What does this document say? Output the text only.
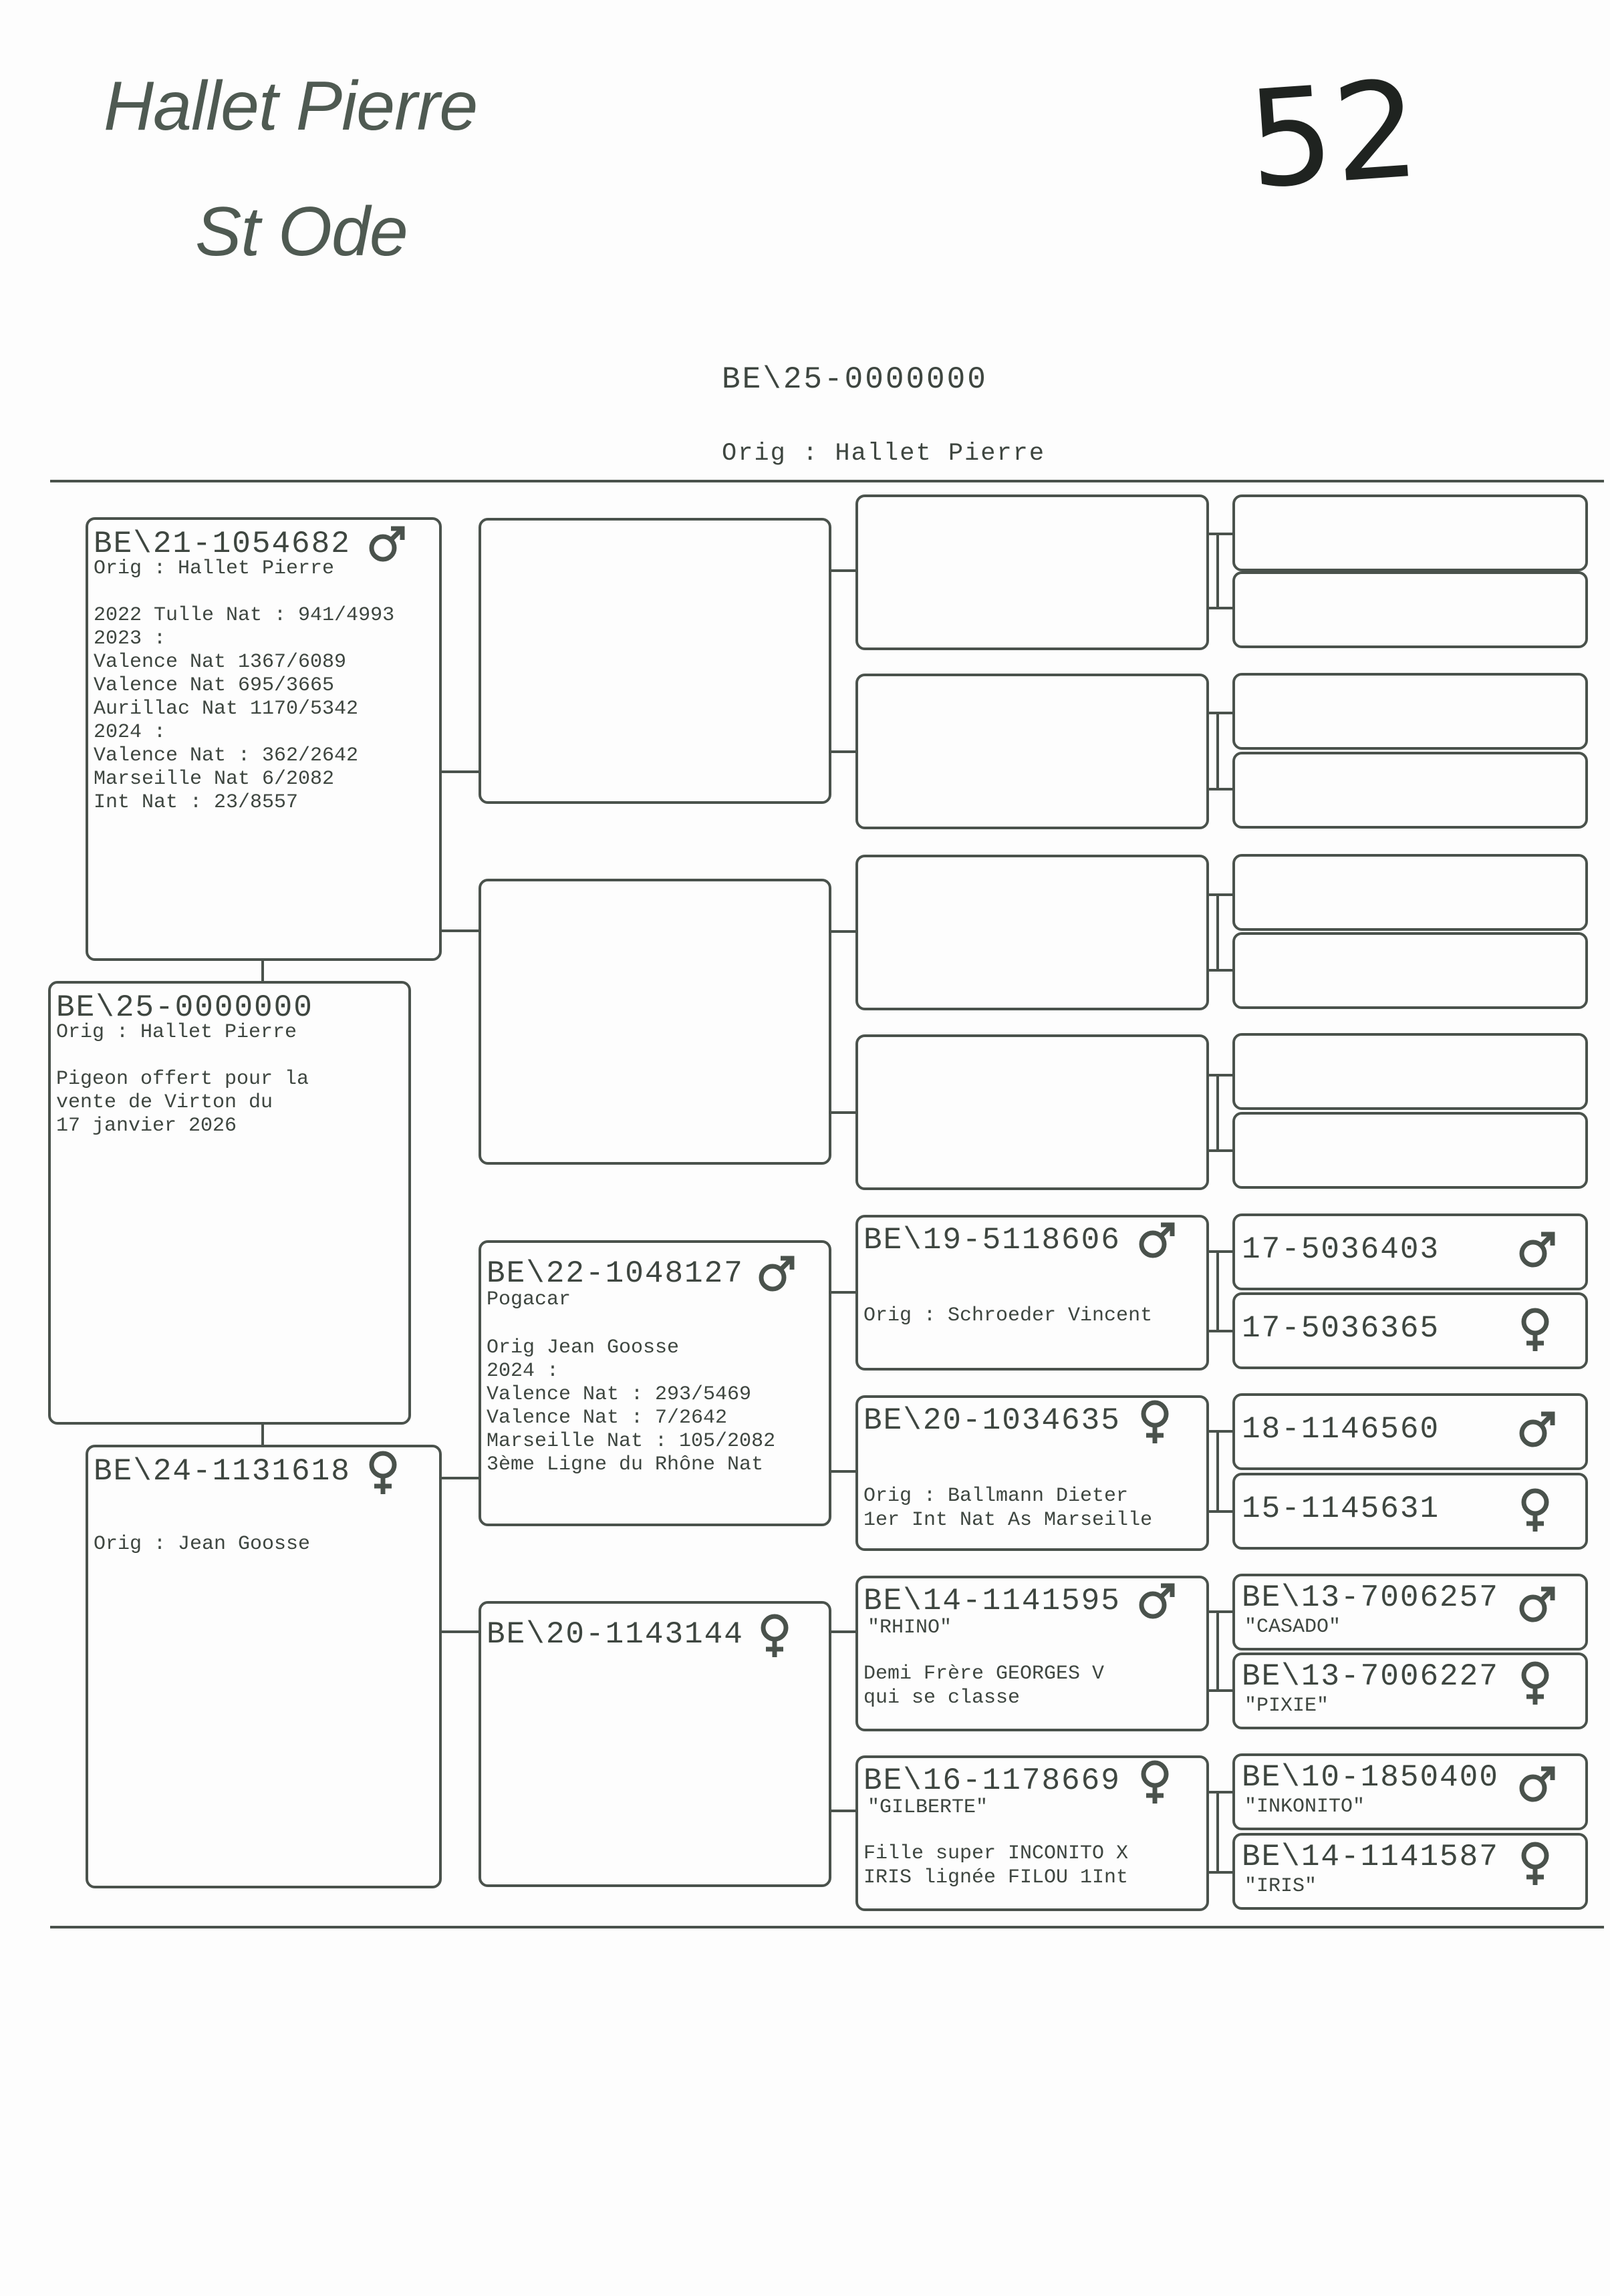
Hallet Pierre
St Ode
52
BE\25-0000000
Orig : Hallet Pierre
BE\25-0000000
Orig : Hallet Pierre
Pigeon offert pour la
vente de Virton du
17 janvier 2026
BE\21-1054682
Orig : Hallet Pierre
2022 Tulle Nat : 941/4993
2023 :
Valence Nat 1367/6089
Valence Nat 695/3665
Aurillac Nat 1170/5342
2024 :
Valence Nat : 362/2642
Marseille Nat 6/2082
Int Nat : 23/8557
BE\24-1131618
Orig : Jean Goosse
BE\22-1048127
Pogacar
Orig Jean Goosse
2024 :
Valence Nat : 293/5469
Valence Nat : 7/2642
Marseille Nat : 105/2082
3ème Ligne du Rhône Nat
BE\20-1143144
BE\19-5118606
Orig : Schroeder Vincent
BE\20-1034635
Orig : Ballmann Dieter
1er Int Nat As Marseille
BE\14-1141595
"RHINO"
Demi Frère GEORGES V
qui se classe
BE\16-1178669
"GILBERTE"
Fille super INCONITO X
IRIS lignée FILOU 1Int
17-5036403
17-5036365
18-1146560
15-1145631
BE\13-7006257
"CASADO"
BE\13-7006227
"PIXIE"
BE\10-1850400
"INKONITO"
BE\14-1141587
"IRIS"
